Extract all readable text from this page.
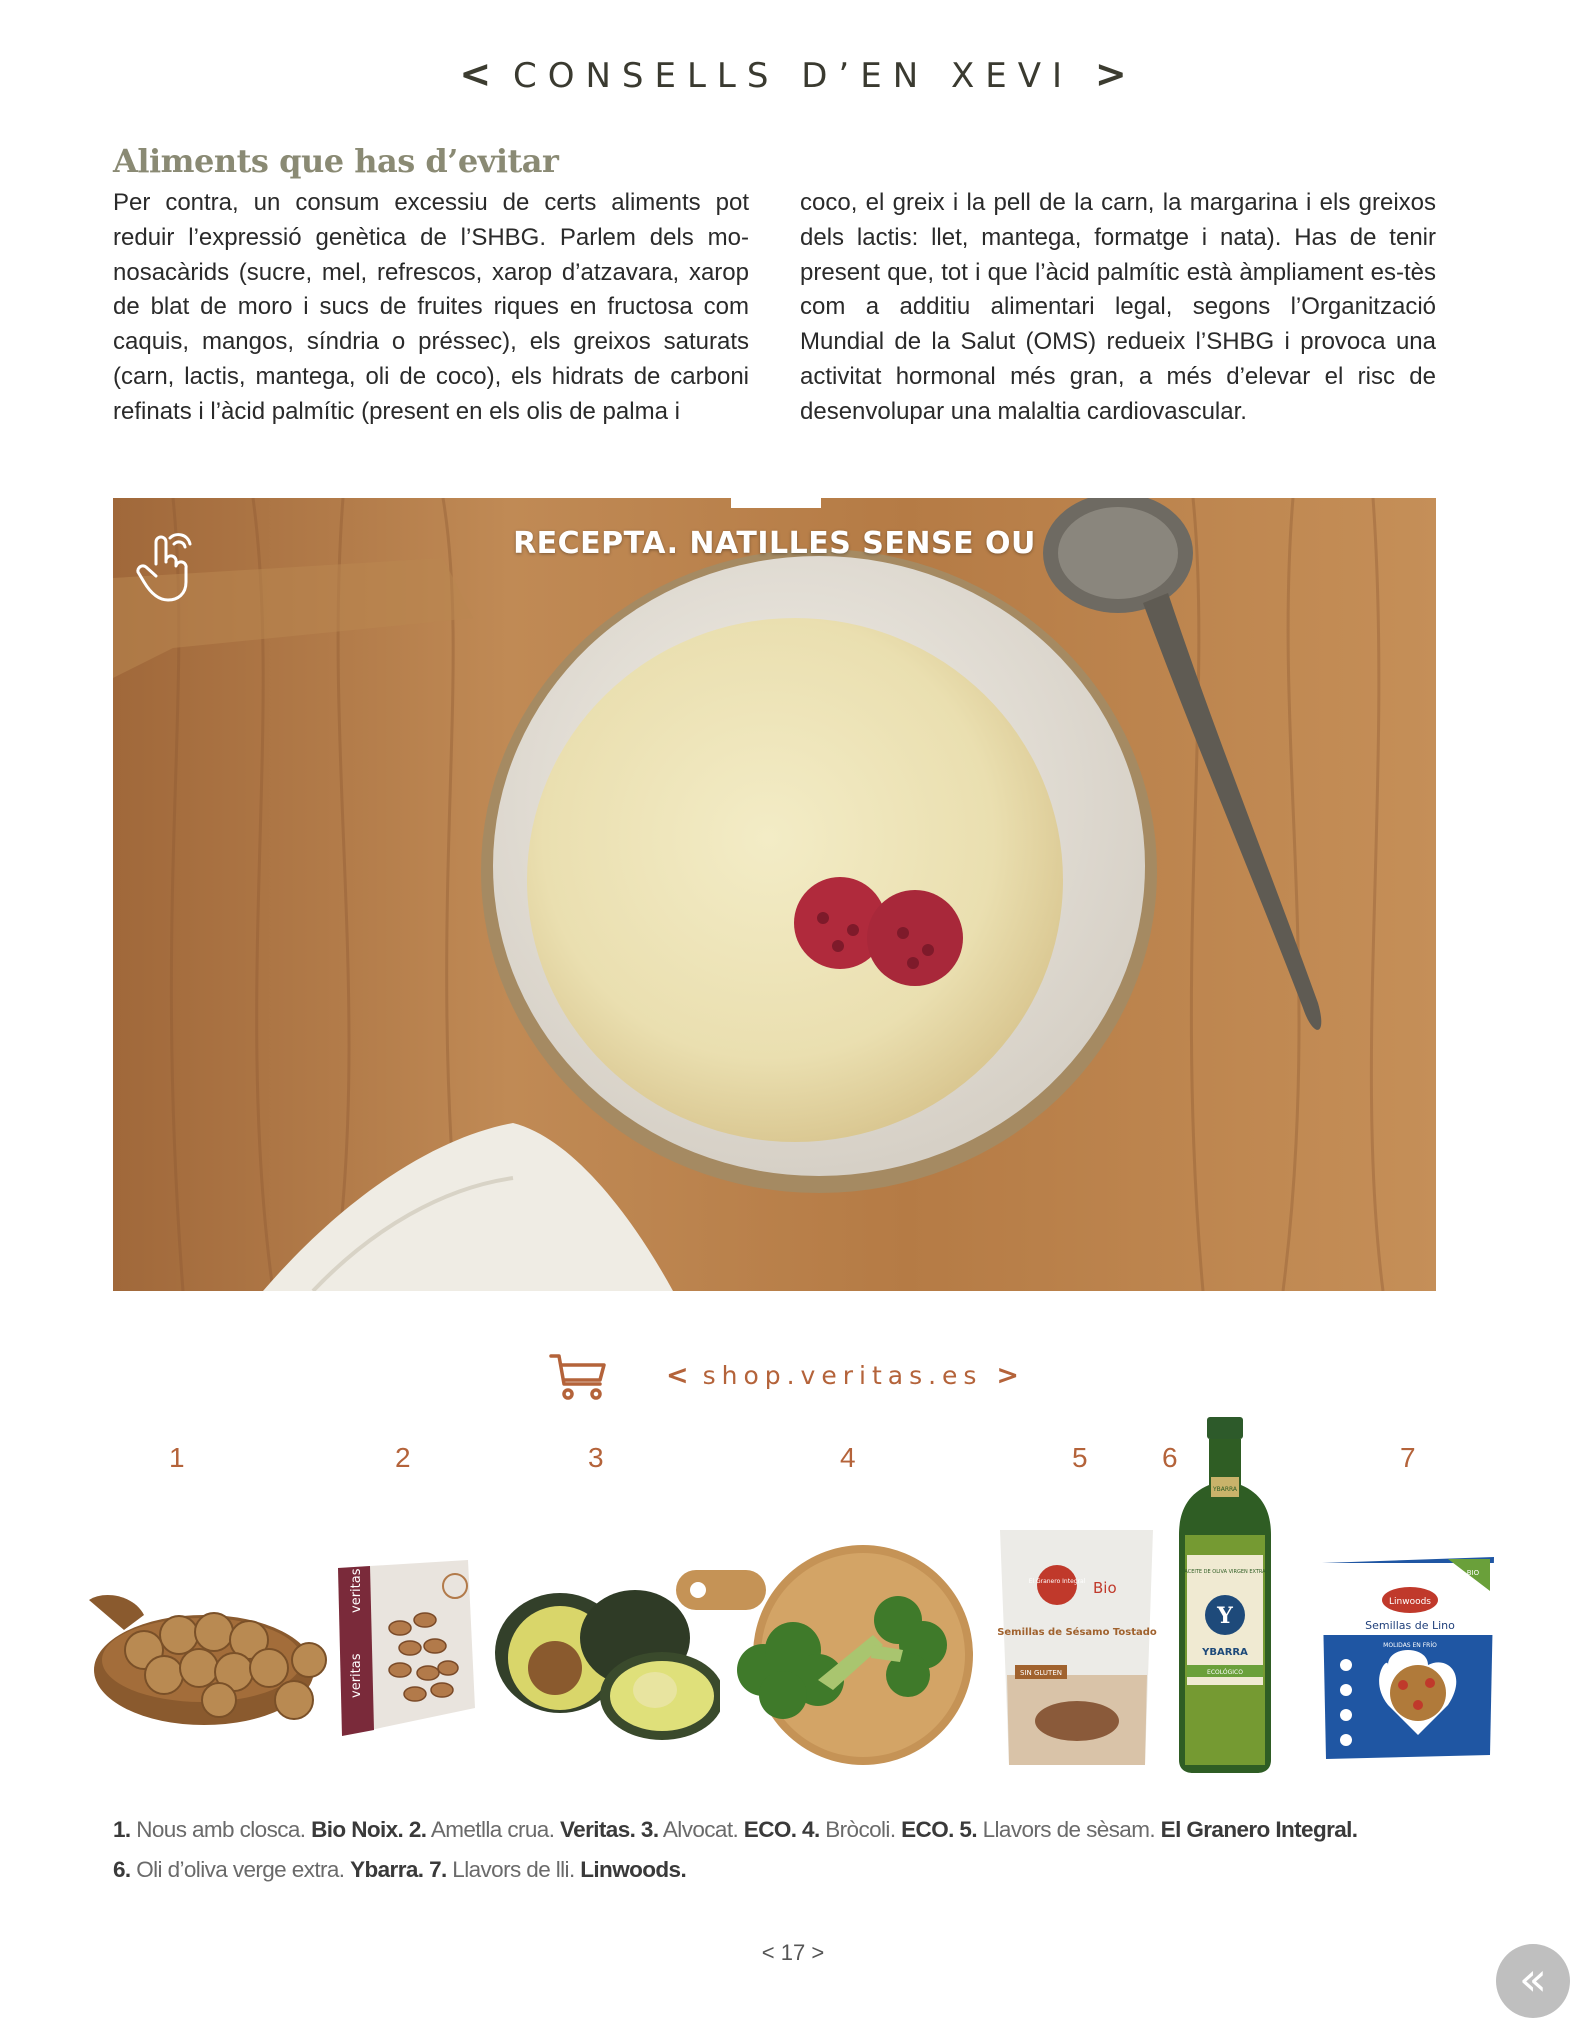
< CONSELLS D’EN XEVI >
Aliments que has d’evitar

Per contra, un consum excessiu de certs aliments pot reduir l’expressió genètica de l’SHBG. Parlem dels mo-nosacàrids (sucre, mel, refrescos, xarop d’atzavara, xarop de blat de moro i sucs de fruites riques en fructosa com caquis, mangos, síndria o préssec), els greixos saturats (carn, lactis, mantega, oli de coco), els hidrats de carboni refinats i l’àcid palmític (present en els olis de palma i

coco, el greix i la pell de la carn, la margarina i els greixos dels lactis: llet, mantega, formatge i nata). Has de tenir present que, tot i que l’àcid palmític està àmpliament es-tès com a additiu alimentari legal, segons l’Organització Mundial de la Salut (OMS) redueix l’SHBG i provoca una activitat hormonal més gran, a més d’elevar el risc de desenvolupar una malaltia cardiovascular.

RECEPTA. NATILLES SENSE OU
< shop.veritas.es >
1	2	3	4	5	6	7
veritas
veritas	El Granero Integral Bio
Semillas de Sésamo Tostado
SIN GLUTEN
YBARRA
ACEITE DE OLIVA VIRGEN EXTRA
Y
YBARRA
ECOLÓGICO
Linwoods
Semillas de Lino
MOLIDAS EN FRÍO
BIO
1. Nous amb closca. Bio Noix. 2. Ametlla crua. Veritas. 3. Alvocat. ECO. 4. Bròcoli. ECO. 5. Llavors de sèsam. El Granero Integral.
6. Oli d’oliva verge extra. Ybarra. 7. Llavors de lli. Linwoods.
< 17 >	«
